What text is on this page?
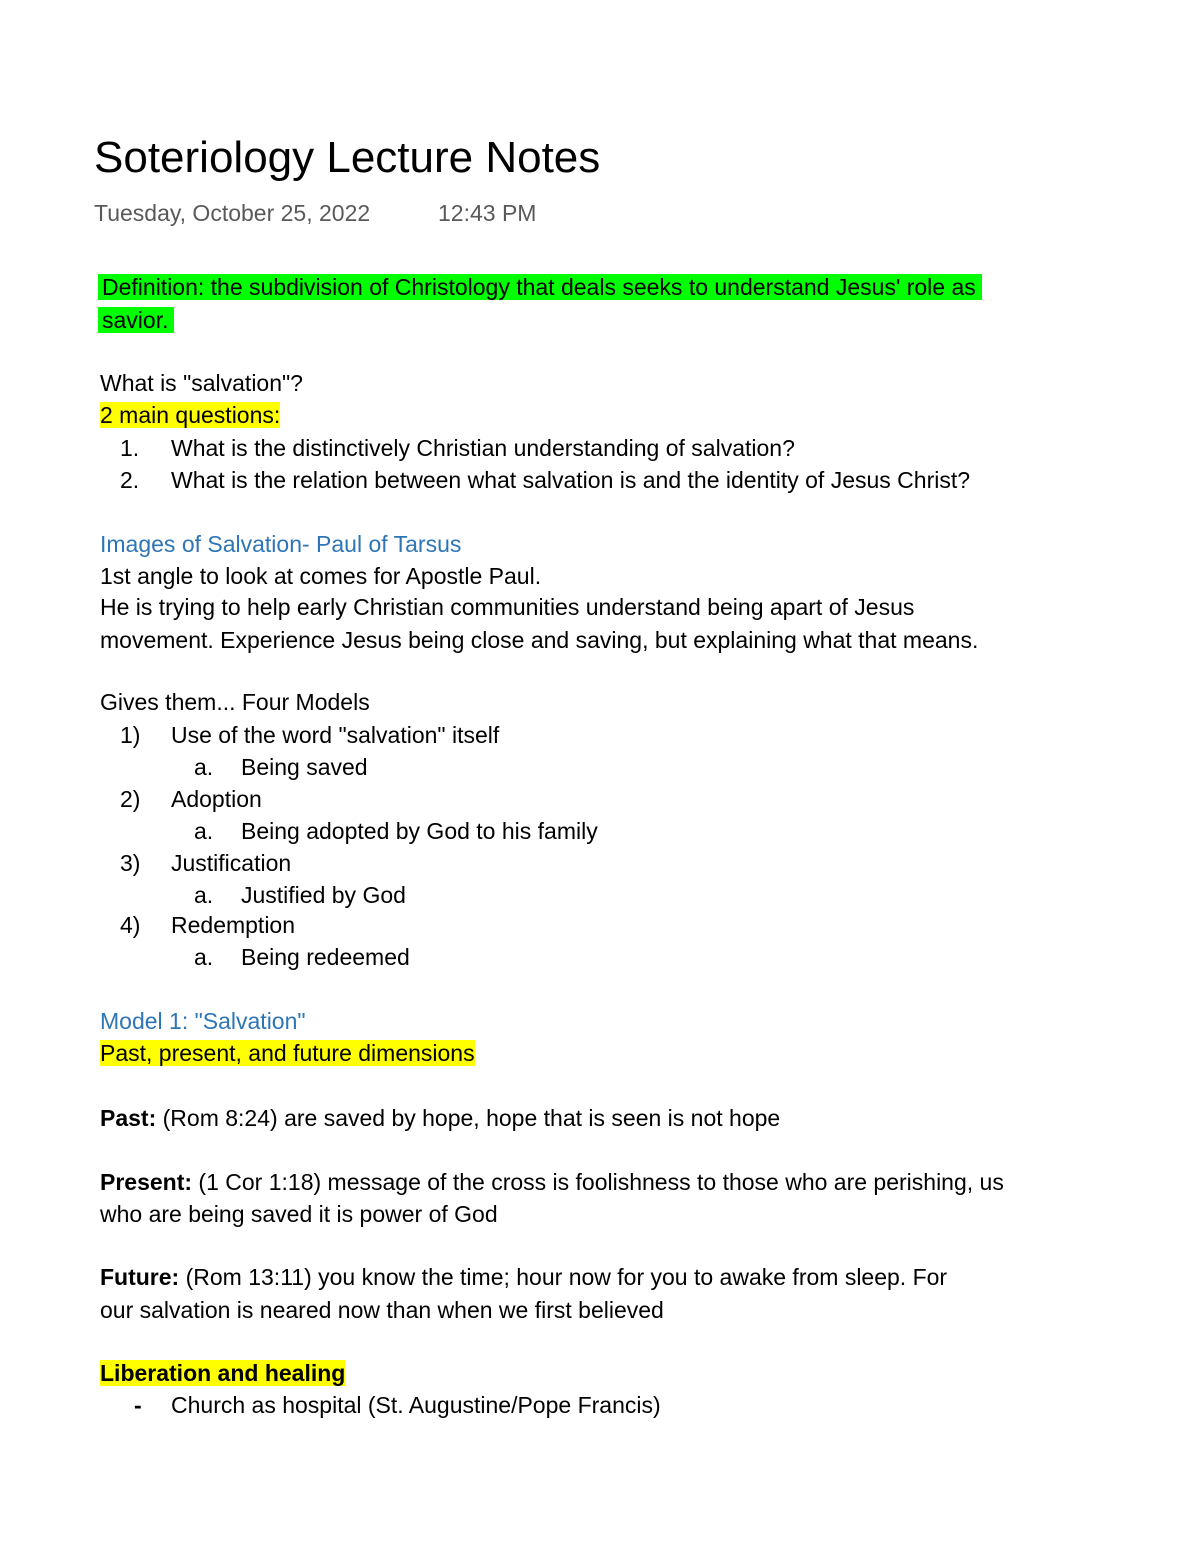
Soteriology Lecture Notes
Tuesday, October 25, 2022	12:43 PM
Definition: the subdivision of Christology that deals seeks to understand Jesus' role as
savior.
What is "salvation"?
2 main questions:
1. What is the distinctively Christian understanding of salvation?
2. What is the relation between what salvation is and the identity of Jesus Christ?
Images of Salvation- Paul of Tarsus
1st angle to look at comes for Apostle Paul.
He is trying to help early Christian communities understand being apart of Jesus
movement. Experience Jesus being close and saving, but explaining what that means.
Gives them... Four Models
1) Use of the word "salvation" itself
a. Being saved
2) Adoption
a. Being adopted by God to his family
3) Justification
a. Justified by God
4) Redemption
a. Being redeemed
Model 1: "Salvation"
Past, present, and future dimensions
Past: (Rom 8:24) are saved by hope, hope that is seen is not hope
Present: (1 Cor 1:18) message of the cross is foolishness to those who are perishing, us
who are being saved it is power of God
Future: (Rom 13:11) you know the time; hour now for you to awake from sleep. For
our salvation is neared now than when we first believed
Liberation and healing
- Church as hospital (St. Augustine/Pope Francis)
